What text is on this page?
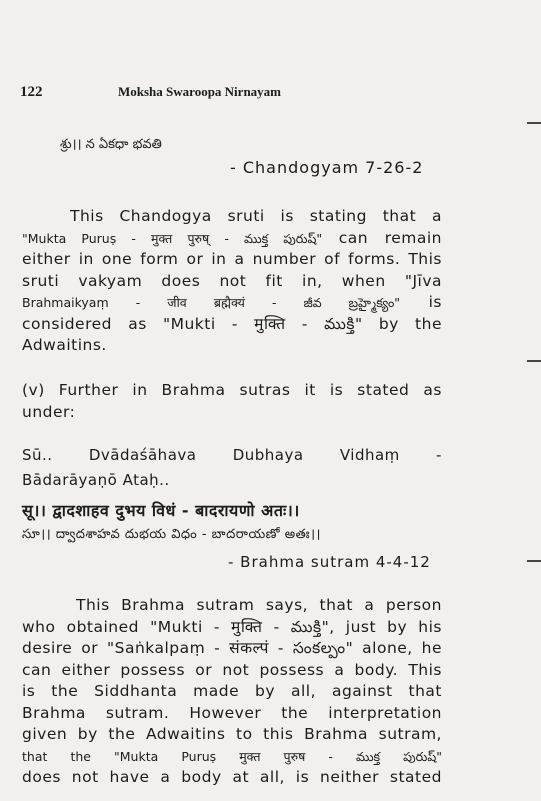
122	Moksha Swaroopa Nirnayam
శ్రు।। న ఏకధా భవతి
- Chandogyam 7-26-2
This Chandogya sruti is stating that a
"Mukta Puruṣ - मुक्त पुरुष् - ముక్త పురుష్" can remain
either in one form or in a number of forms. This
sruti vakyam does not fit in, when "Jīva
Brahmaikyaṃ - जीव ब्रह्मैक्यं - జీవ బ్రహ్మైక్యం" is
considered as "Mukti - मुक्ति - ముక్తి" by the
Adwaitins.
(v) Further in Brahma sutras it is stated as
under:
Sū.. Dvādaśāhava Dubhaya Vidhaṃ -
Bādarāyaṇō Ataḥ..
सू।। द्वादशाहव दुभय विधं - बादरायणो अतः।।
సూ।। ద్వాదశాహవ దుభయ విధం - బాదరాయణో అతః।।
- Brahma sutram 4-4-12
This Brahma sutram says, that a person
who obtained "Mukti - मुक्ति - ముక్తి", just by his
desire or "Saṅkalpaṃ - संकल्पं - సంకల్పం" alone, he
can either possess or not possess a body. This
is the Siddhanta made by all, against that
Brahma sutram. However the interpretation
given by the Adwaitins to this Brahma sutram,
that the "Mukta Puruṣ मुक्त पुरुष - ముక్త పురుష్"
does not have a body at all, is neither stated
